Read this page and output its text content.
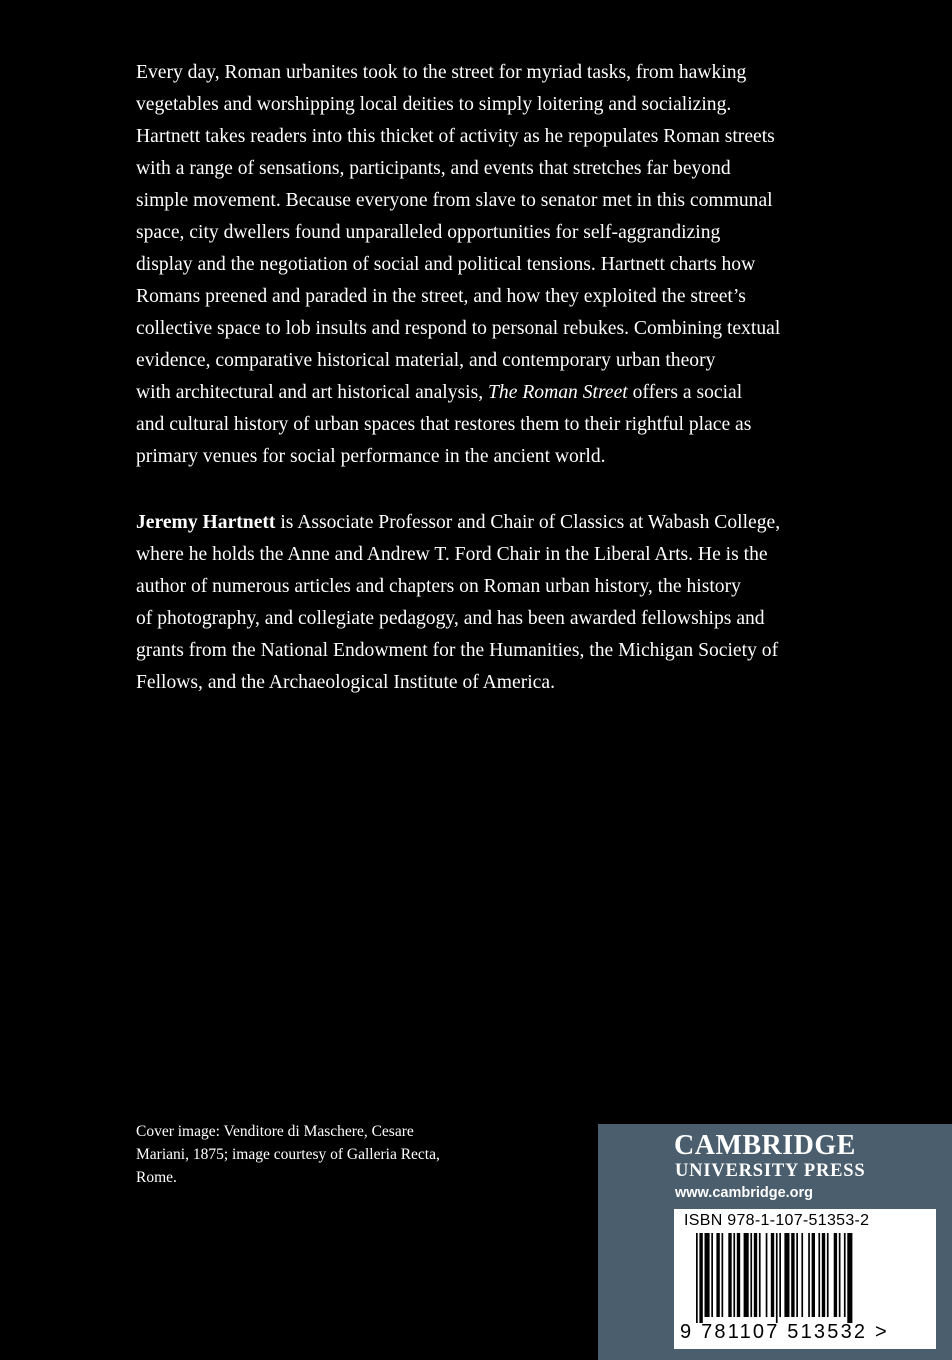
Every day, Roman urbanites took to the street for myriad tasks, from hawking
vegetables and worshipping local deities to simply loitering and socializing.
Hartnett takes readers into this thicket of activity as he repopulates Roman streets
with a range of sensations, participants, and events that stretches far beyond
simple movement. Because everyone from slave to senator met in this communal
space, city dwellers found unparalleled opportunities for self-aggrandizing
display and the negotiation of social and political tensions. Hartnett charts how
Romans preened and paraded in the street, and how they exploited the street’s
collective space to lob insults and respond to personal rebukes. Combining textual
evidence, comparative historical material, and contemporary urban theory
with architectural and art historical analysis, The Roman Street offers a social
and cultural history of urban spaces that restores them to their rightful place as
primary venues for social performance in the ancient world.
Jeremy Hartnett is Associate Professor and Chair of Classics at Wabash College,
where he holds the Anne and Andrew T. Ford Chair in the Liberal Arts. He is the
author of numerous articles and chapters on Roman urban history, the history
of photography, and collegiate pedagogy, and has been awarded fellowships and
grants from the National Endowment for the Humanities, the Michigan Society of
Fellows, and the Archaeological Institute of America.
Cover image: Venditore di Maschere, Cesare
Mariani, 1875; image courtesy of Galleria Recta,
Rome.
CAMBRIDGE
UNIVERSITY PRESS
www.cambridge.org
ISBN 978-1-107-51353-2
9 781107 513532 >
